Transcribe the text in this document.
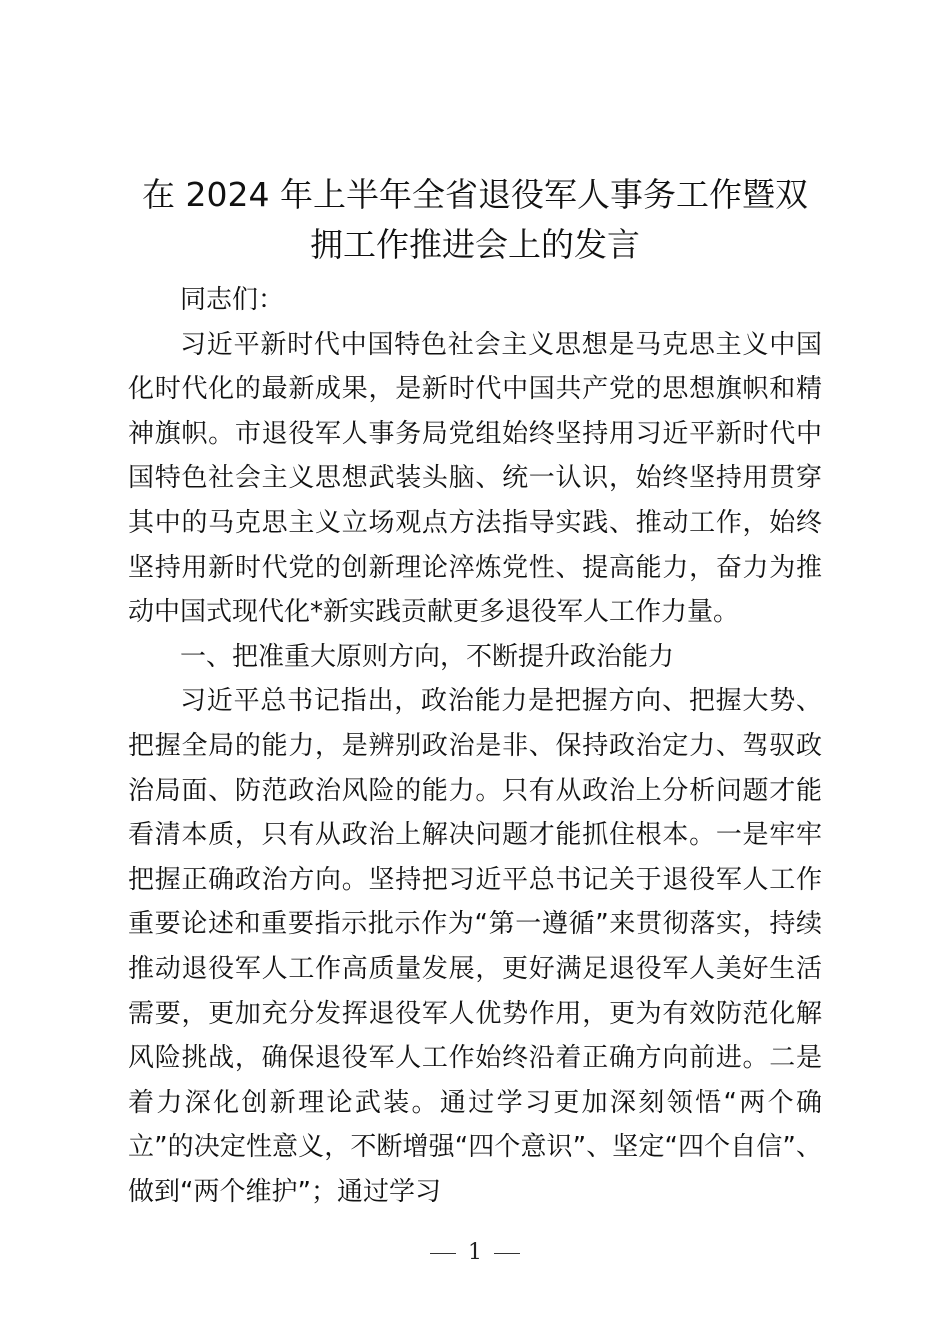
在 2024 年上半年全省退役军人事务工作暨双
拥工作推进会上的发言

同志们：

习近平新时代中国特色社会主义思想是马克思主义中国化时代化的最新成果，是新时代中国共产党的思想旗帜和精神旗帜。市退役军人事务局党组始终坚持用习近平新时代中国特色社会主义思想武装头脑、统一认识，始终坚持用贯穿其中的马克思主义立场观点方法指导实践、推动工作，始终坚持用新时代党的创新理论淬炼党性、提高能力，奋力为推动中国式现代化*新实践贡献更多退役军人工作力量。

一、把准重大原则方向，不断提升政治能力

习近平总书记指出，政治能力是把握方向、把握大势、把握全局的能力，是辨别政治是非、保持政治定力、驾驭政治局面、防范政治风险的能力。只有从政治上分析问题才能看清本质，只有从政治上解决问题才能抓住根本。一是牢牢把握正确政治方向。坚持把习近平总书记关于退役军人工作重要论述和重要指示批示作为“第一遵循”来贯彻落实，持续推动退役军人工作高质量发展，更好满足退役军人美好生活需要，更加充分发挥退役军人优势作用，更为有效防范化解风险挑战，确保退役军人工作始终沿着正确方向前进。二是着力深化创新理论武装。通过学习更加深刻领悟“两个确立”的决定性意义，不断增强“四个意识”、坚定“四个自信”、做到“两个维护”；通过学习

1
